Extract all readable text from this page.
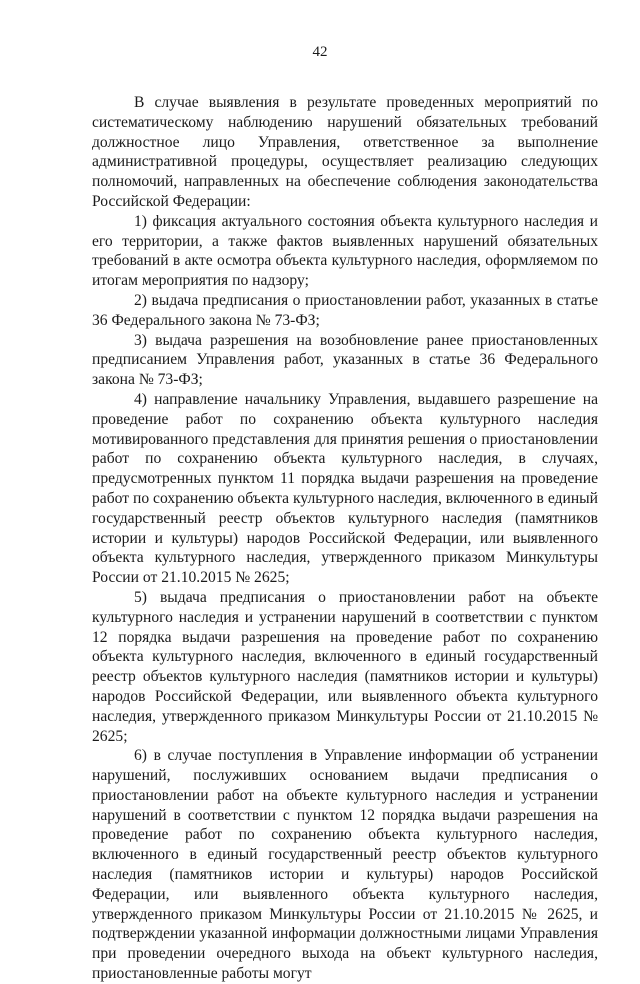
42

В случае выявления в результате проведенных мероприятий по систематическому наблюдению нарушений обязательных требований должностное лицо Управления, ответственное за выполнение административной процедуры, осуществляет реализацию следующих полномочий, направленных на обеспечение соблюдения законодательства Российской Федерации:

1) фиксация актуального состояния объекта культурного наследия и его территории, а также фактов выявленных нарушений обязательных требований в акте осмотра объекта культурного наследия, оформляемом по итогам мероприятия по надзору;

2) выдача предписания о приостановлении работ, указанных в статье 36 Федерального закона № 73-ФЗ;

3) выдача разрешения на возобновление ранее приостановленных предписанием Управления работ, указанных в статье 36 Федерального закона № 73-ФЗ;

4) направление начальнику Управления, выдавшего разрешение на проведение работ по сохранению объекта культурного наследия мотивированного представления для принятия решения о приостановлении работ по сохранению объекта культурного наследия, в случаях, предусмотренных пунктом 11 порядка выдачи разрешения на проведение работ по сохранению объекта культурного наследия, включенного в единый государственный реестр объектов культурного наследия (памятников истории и культуры) народов Российской Федерации, или выявленного объекта культурного наследия, утвержденного приказом Минкультуры России от 21.10.2015 № 2625;

5) выдача предписания о приостановлении работ на объекте культурного наследия и устранении нарушений в соответствии с пунктом 12 порядка выдачи разрешения на проведение работ по сохранению объекта культурного наследия, включенного в единый государственный реестр объектов культурного наследия (памятников истории и культуры) народов Российской Федерации, или выявленного объекта культурного наследия, утвержденного приказом Минкультуры России от 21.10.2015 № 2625;

6) в случае поступления в Управление информации об устранении нарушений, послуживших основанием выдачи предписания о приостановлении работ на объекте культурного наследия и устранении нарушений в соответствии с пунктом 12 порядка выдачи разрешения на проведение работ по сохранению объекта культурного наследия, включенного в единый государственный реестр объектов культурного наследия (памятников истории и культуры) народов Российской Федерации, или выявленного объекта культурного наследия, утвержденного приказом Минкультуры России от 21.10.2015 № 2625, и подтверждении указанной информации должностными лицами Управления при проведении очередного выхода на объект культурного наследия, приостановленные работы могут
